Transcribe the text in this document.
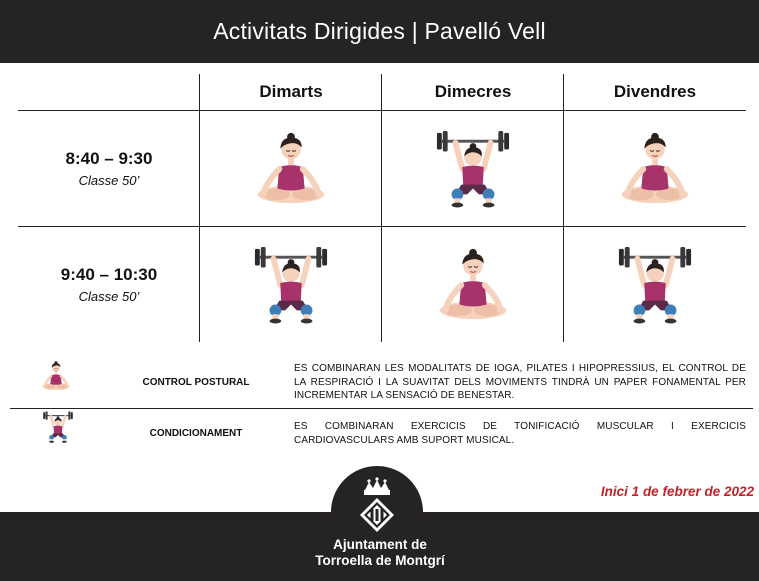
Activitats Dirigides | Pavelló Vell
Dimarts	Dimecres	Divendres
8:40 – 9:30
Classe 50’
9:40 – 10:30
Classe 50’
CONTROL POSTURAL
ES COMBINARAN LES MODALITATS DE IOGA, PILATES I HIPOPRESSIUS, EL CONTROL DE LA RESPIRACIÓ I LA SUAVITAT DELS MOVIMENTS TINDRÀ UN PAPER FONAMENTAL PER INCREMENTAR LA SENSACIÓ DE BENESTAR.
CONDICIONAMENT
ES COMBINARAN EXERCICIS DE TONIFICACIÓ MUSCULAR I EXERCICIS CARDIOVASCULARS AMB SUPORT MUSICAL.
Inici 1 de febrer de 2022
Ajuntament de
Torroella de Montgrí
